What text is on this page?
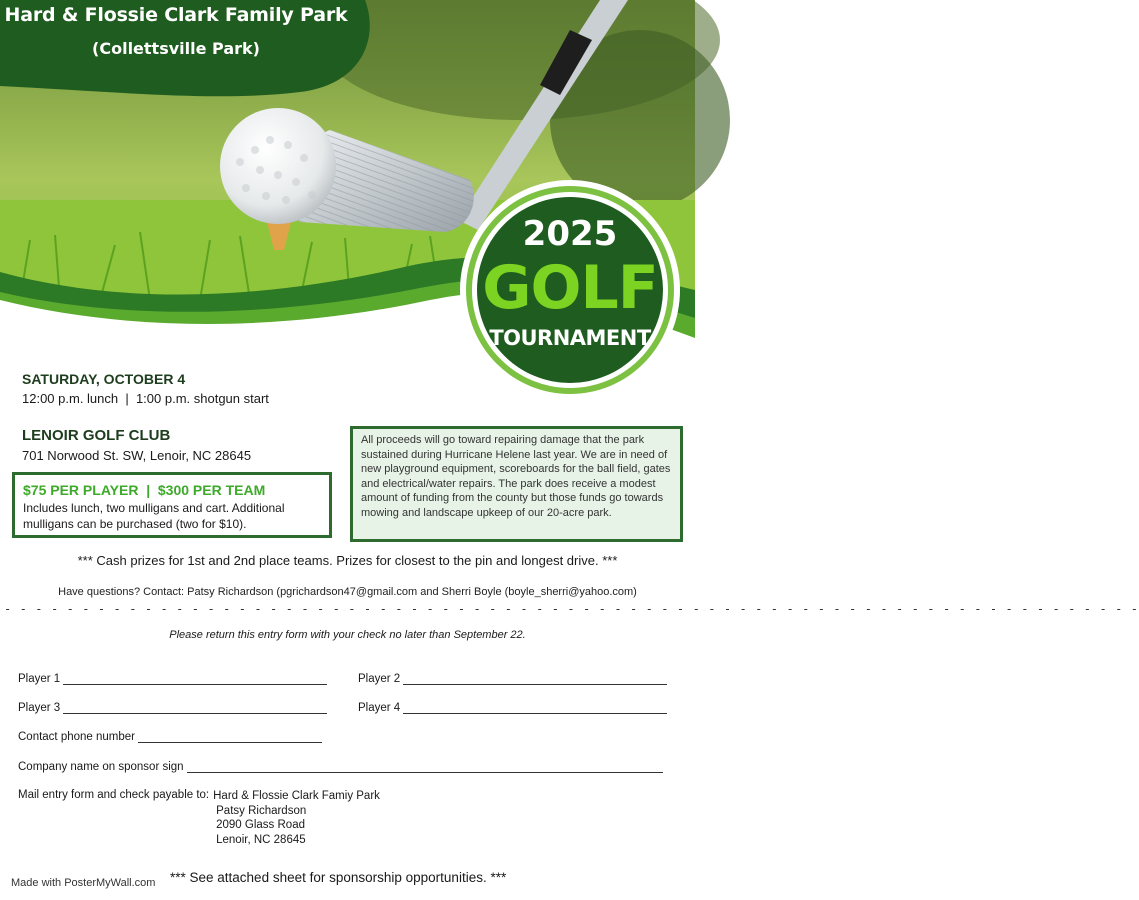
Hard & Flossie Clark Family Park
(Collettsville Park)
2025
GOLF
TOURNAMENT
SATURDAY, OCTOBER 4
12:00 p.m. lunch  |  1:00 p.m. shotgun start
LENOIR GOLF CLUB
701 Norwood St. SW, Lenoir, NC 28645
$75 PER PLAYER  |  $300 PER TEAM
Includes lunch, two mulligans and cart. Additional mulligans can be purchased (two for $10).
All proceeds will go toward repairing damage that the park sustained during Hurricane Helene last year. We are in need of new playground equipment, scoreboards for the ball field, gates and electrical/water repairs. The park does receive a modest amount of funding from the county but those funds go towards mowing and landscape upkeep of our 20-acre park.
*** Cash prizes for 1st and 2nd place teams. Prizes for closest to the pin and longest drive. ***
Have questions? Contact: Patsy Richardson (pgrichardson47@gmail.com and Sherri Boyle (boyle_sherri@yahoo.com)
- - - - - - - - - - - - - - - - - - - - - - - - - - - - - - - - - - - - - - - - - - - - - - - - - - - - - - - - - - - - - - - - - - - - - - - - -
Please return this entry form with your check no later than September 22.
Player 1	Player 2
Player 3	Player 4
Contact phone number
Company name on sponsor sign
Mail entry form and check payable to: Hard & Flossie Clark Famiy Park
Patsy Richardson
2090 Glass Road
Lenoir, NC 28645
Made with PosterMyWall.com *** See attached sheet for sponsorship opportunities. ***
